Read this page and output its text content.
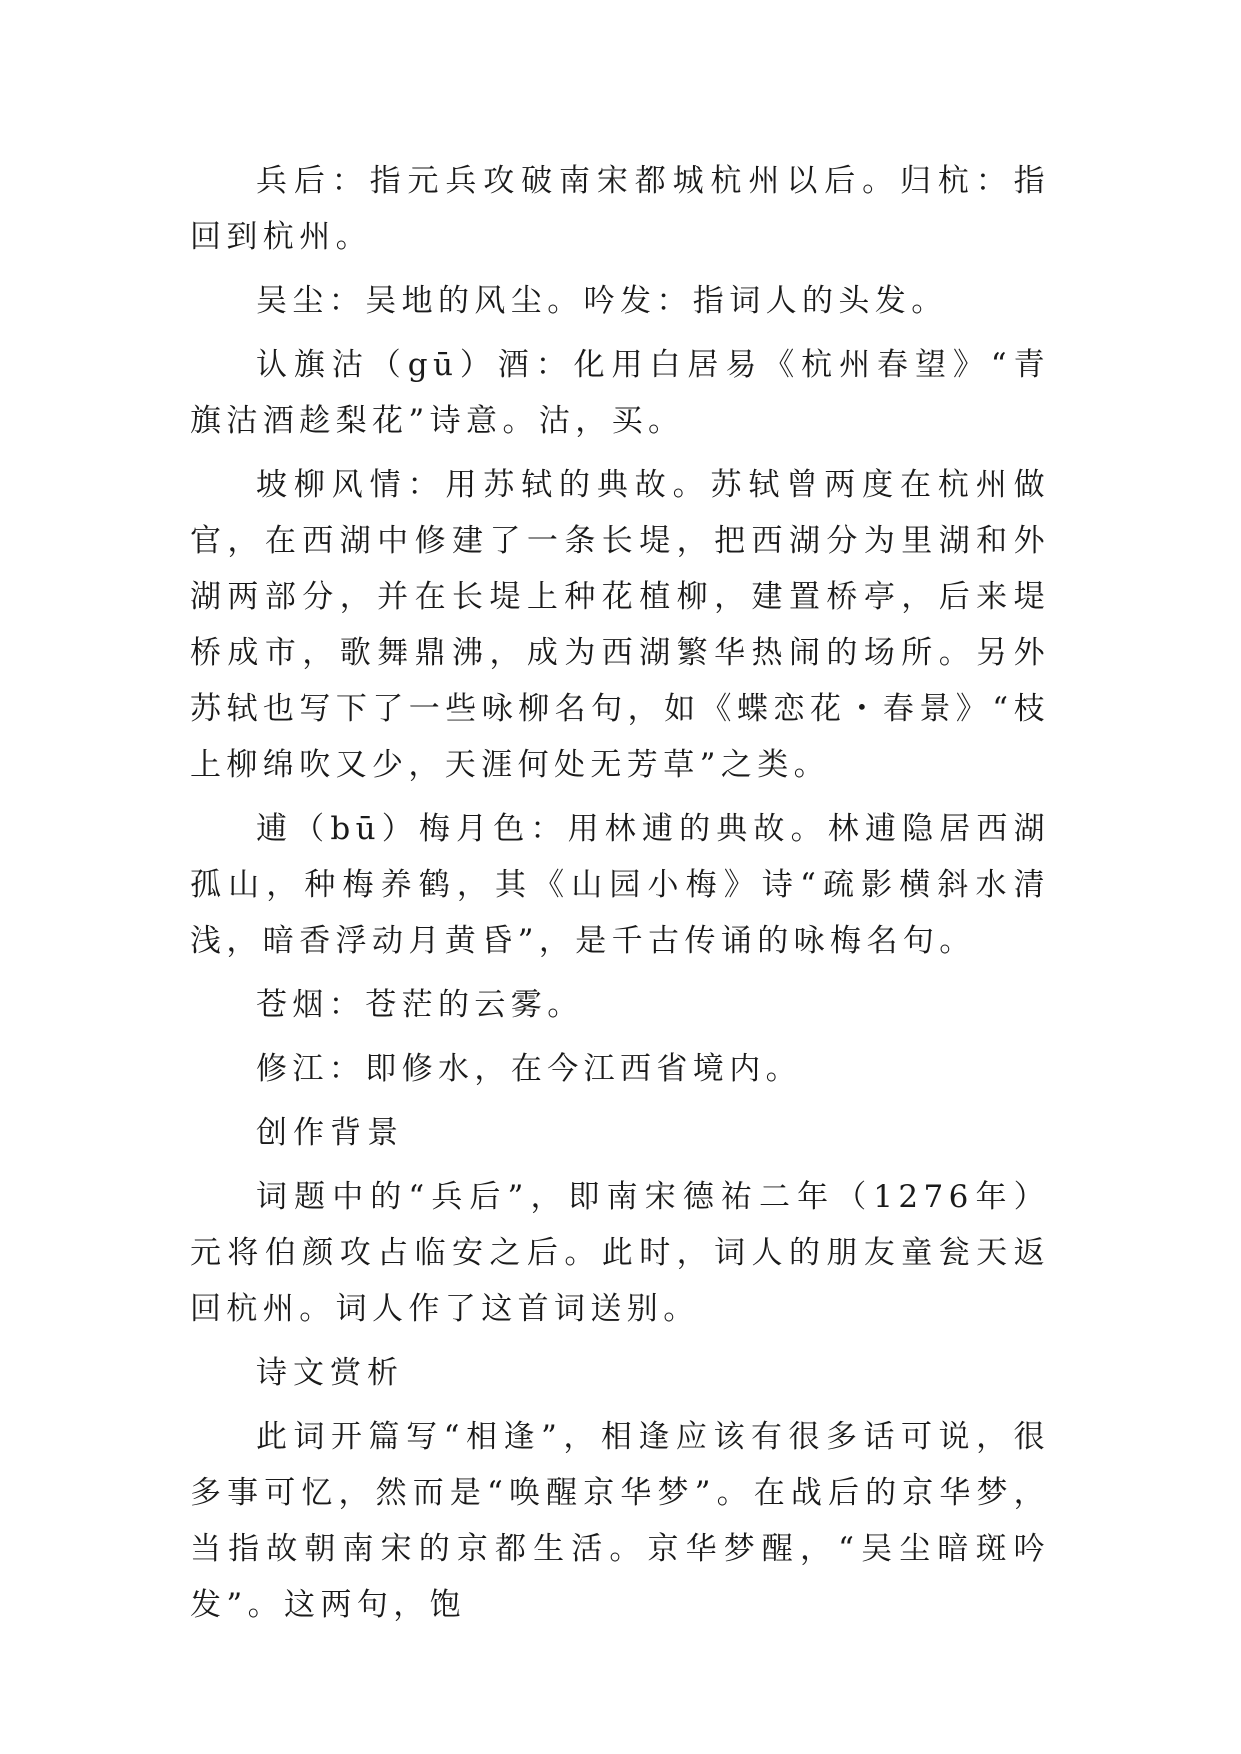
兵后：指元兵攻破南宋都城杭州以后。归杭：指回到杭州。

吴尘：吴地的风尘。吟发：指词人的头发。

认旗沽（gū）酒：化用白居易《杭州春望》“青旗沽酒趁梨花”诗意。沽，买。

坡柳风情：用苏轼的典故。苏轼曾两度在杭州做官，在西湖中修建了一条长堤，把西湖分为里湖和外湖两部分，并在长堤上种花植柳，建置桥亭，后来堤桥成市，歌舞鼎沸，成为西湖繁华热闹的场所。另外苏轼也写下了一些咏柳名句，如《蝶恋花・春景》“枝上柳绵吹又少，天涯何处无芳草”之类。

逋（bū）梅月色：用林逋的典故。林逋隐居西湖孤山，种梅养鹤，其《山园小梅》诗“疏影横斜水清浅，暗香浮动月黄昏”，是千古传诵的咏梅名句。

苍烟：苍茫的云雾。

修江：即修水，在今江西省境内。

创作背景

词题中的“兵后”，即南宋德祐二年（1276年）元将伯颜攻占临安之后。此时，词人的朋友童瓮天返回杭州。词人作了这首词送别。

诗文赏析

此词开篇写“相逢”，相逢应该有很多话可说，很多事可忆，然而是“唤醒京华梦”。在战后的京华梦，当指故朝南宋的京都生活。京华梦醒，“吴尘暗斑吟发”。这两句，饱
